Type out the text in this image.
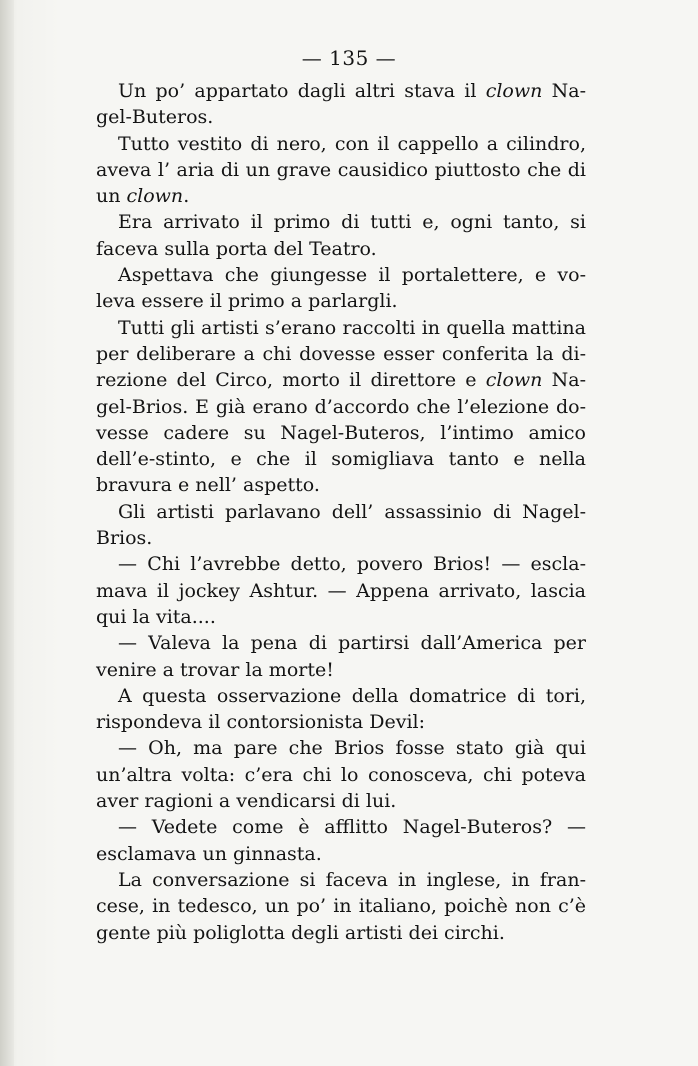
— 135 —

Un po’ appartato dagli altri stava il clown Na-gel-Buteros.

Tutto vestito di nero, con il cappello a cilindro, aveva l’ aria di un grave causidico piuttosto che di un clown.

Era arrivato il primo di tutti e, ogni tanto, si faceva sulla porta del Teatro.

Aspettava che giungesse il portalettere, e vo-leva essere il primo a parlargli.

Tutti gli artisti s’erano raccolti in quella mattina per deliberare a chi dovesse esser conferita la di-rezione del Circo, morto il direttore e clown Na-gel-Brios. E già erano d’accordo che l’elezione do-vesse cadere su Nagel-Buteros, l’intimo amico dell’e-stinto, e che il somigliava tanto e nella bravura e nell’ aspetto.

Gli artisti parlavano dell’ assassinio di Nagel-Brios.

— Chi l’avrebbe detto, povero Brios! — escla-mava il jockey Ashtur. — Appena arrivato, lascia qui la vita....

— Valeva la pena di partirsi dall’America per venire a trovar la morte!

A questa osservazione della domatrice di tori, rispondeva il contorsionista Devil:

— Oh, ma pare che Brios fosse stato già qui un’altra volta: c’era chi lo conosceva, chi poteva aver ragioni a vendicarsi di lui.

— Vedete come è afflitto Nagel-Buteros? — esclamava un ginnasta.

La conversazione si faceva in inglese, in fran-cese, in tedesco, un po’ in italiano, poichè non c’è gente più poliglotta degli artisti dei circhi.
